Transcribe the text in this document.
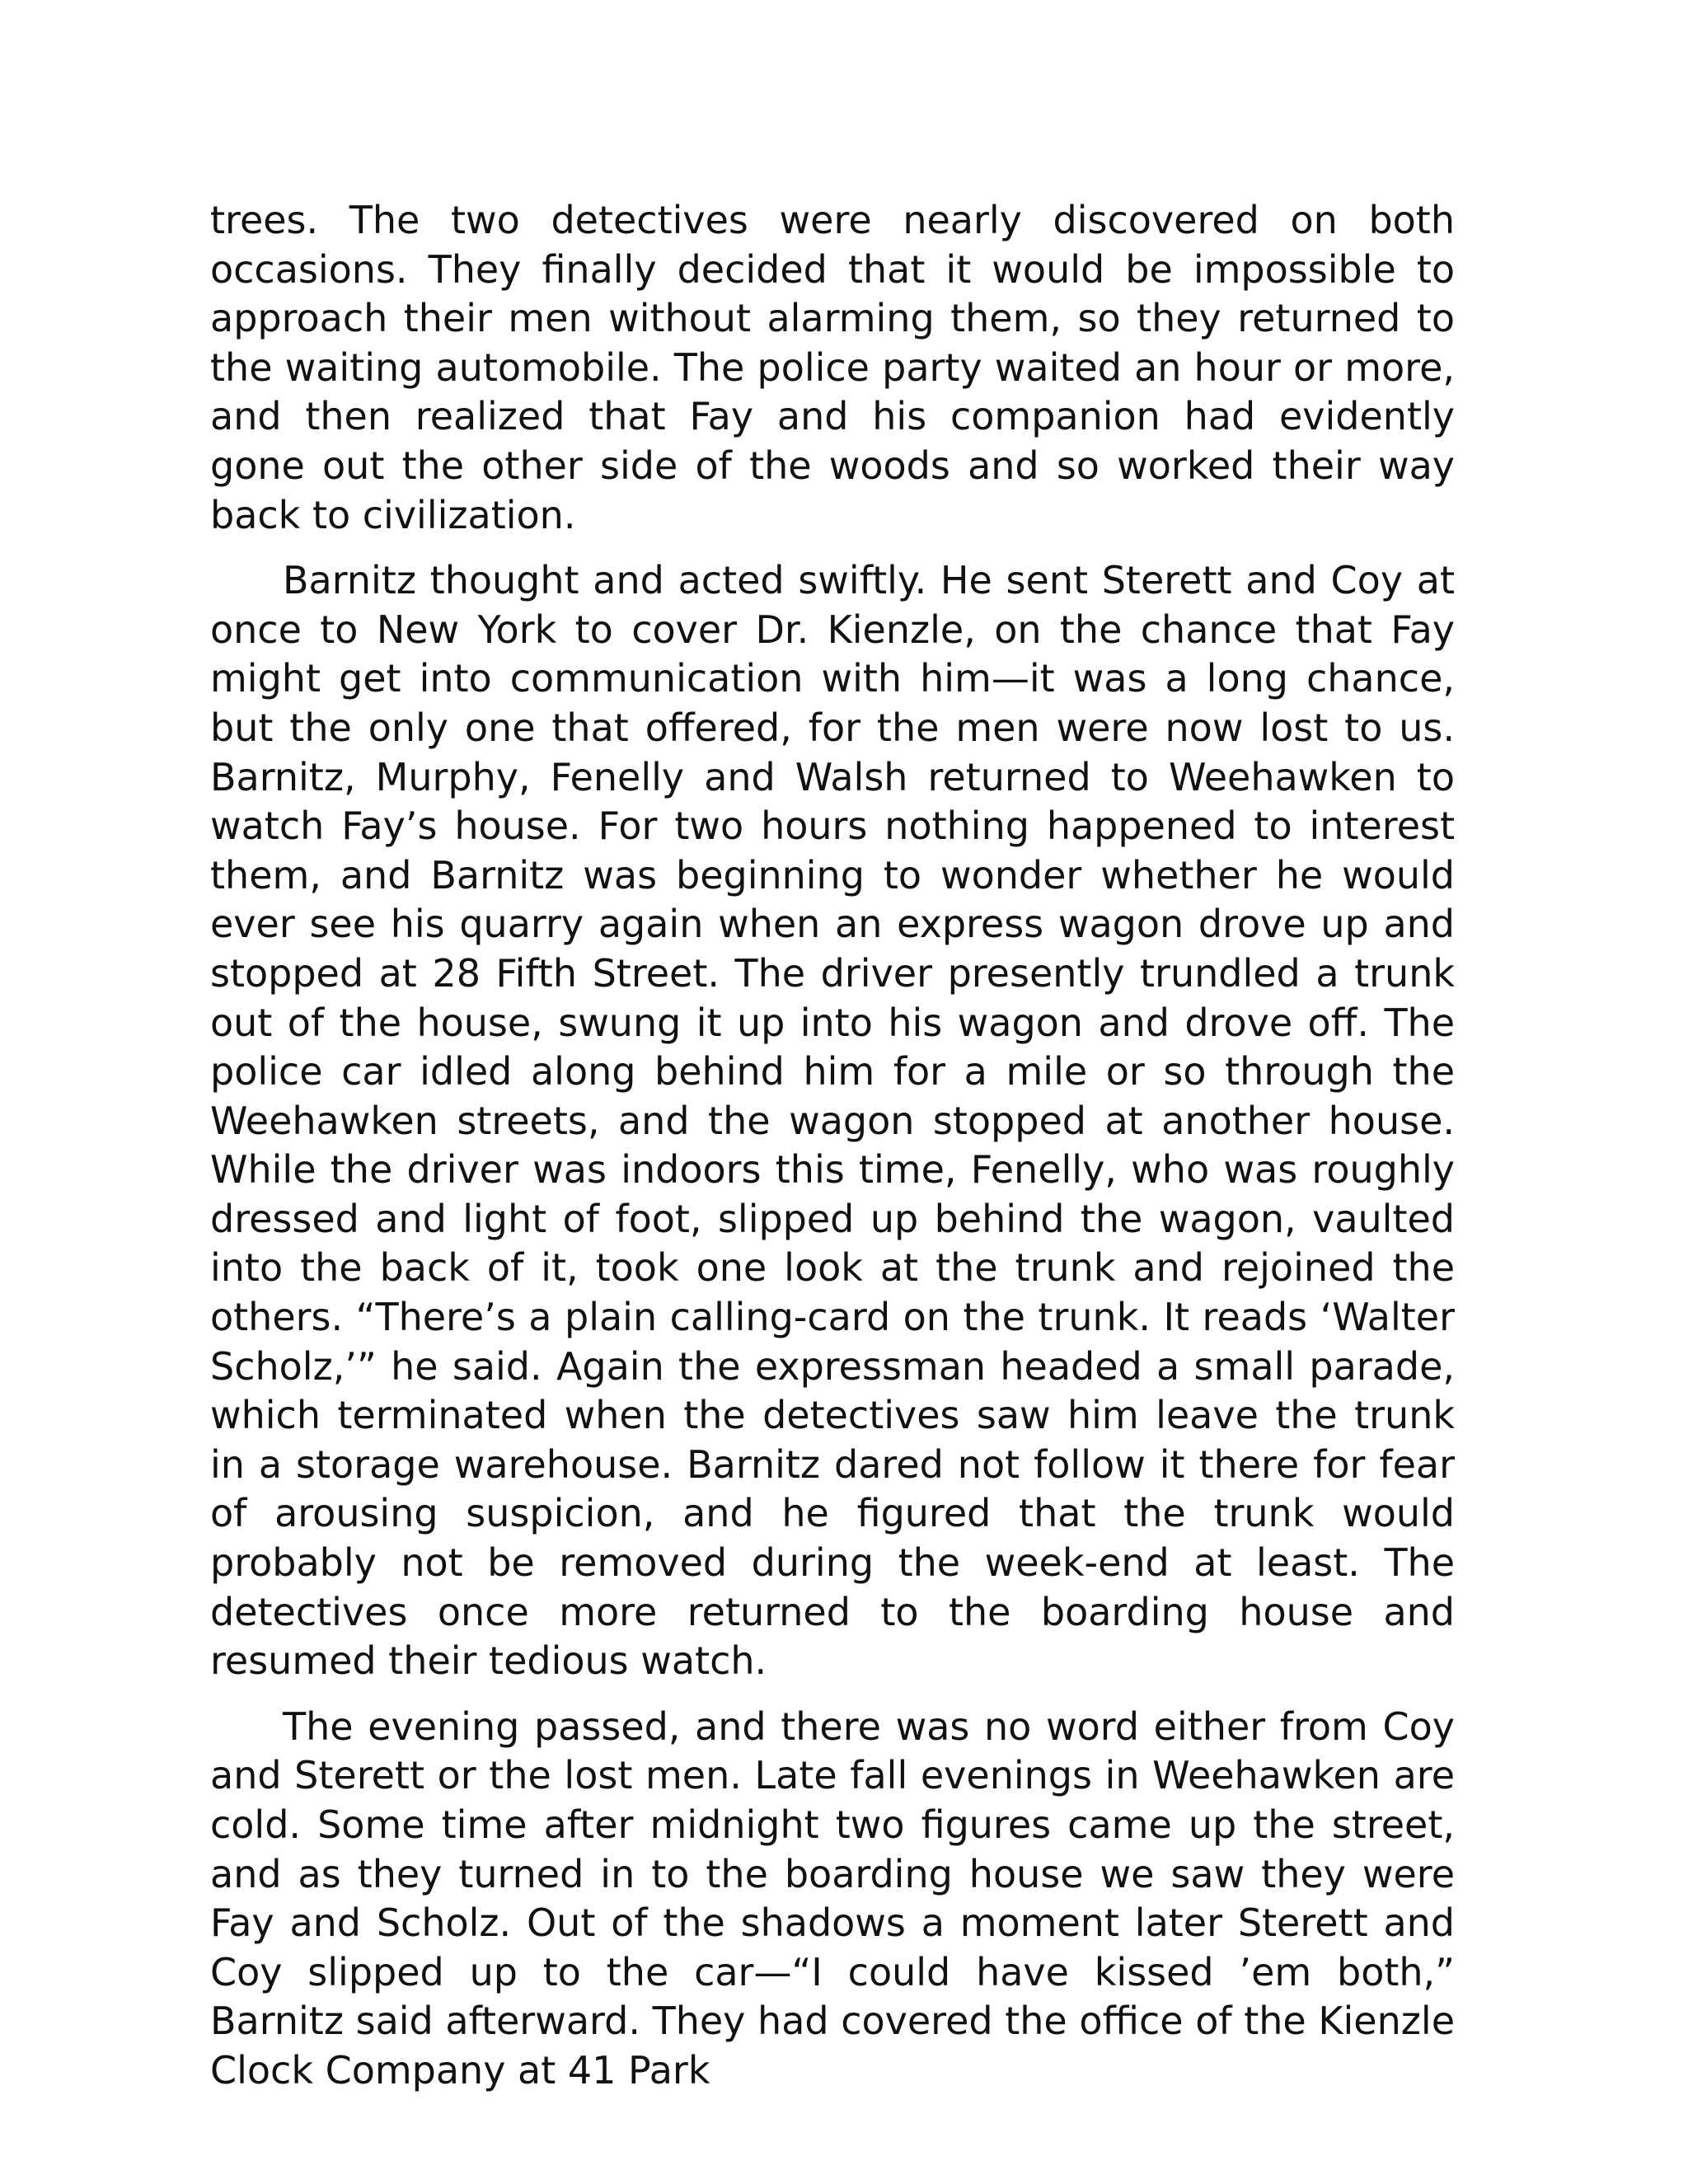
trees. The two detectives were nearly discovered on both occasions. They finally decided that it would be impossible to approach their men without alarming them, so they returned to the waiting automobile. The police party waited an hour or more, and then realized that Fay and his companion had evidently gone out the other side of the woods and so worked their way back to civilization.

Barnitz thought and acted swiftly. He sent Sterett and Coy at once to New York to cover Dr. Kienzle, on the chance that Fay might get into communication with him—it was a long chance, but the only one that offered, for the men were now lost to us. Barnitz, Murphy, Fenelly and Walsh returned to Weehawken to watch Fay’s house. For two hours nothing happened to interest them, and Barnitz was beginning to wonder whether he would ever see his quarry again when an express wagon drove up and stopped at 28 Fifth Street. The driver presently trundled a trunk out of the house, swung it up into his wagon and drove off. The police car idled along behind him for a mile or so through the Weehawken streets, and the wagon stopped at another house. While the driver was indoors this time, Fenelly, who was roughly dressed and light of foot, slipped up behind the wagon, vaulted into the back of it, took one look at the trunk and rejoined the others. “There’s a plain calling-card on the trunk. It reads ‘Walter Scholz,’” he said. Again the expressman headed a small parade, which terminated when the detectives saw him leave the trunk in a storage warehouse. Barnitz dared not follow it there for fear of arousing suspicion, and he figured that the trunk would probably not be removed during the week-end at least. The detectives once more returned to the boarding house and resumed their tedious watch.

The evening passed, and there was no word either from Coy and Sterett or the lost men. Late fall evenings in Weehawken are cold. Some time after midnight two figures came up the street, and as they turned in to the boarding house we saw they were Fay and Scholz. Out of the shadows a moment later Sterett and Coy slipped up to the car—“I could have kissed ’em both,” Barnitz said afterward. They had covered the office of the Kienzle Clock Company at 41 Park
